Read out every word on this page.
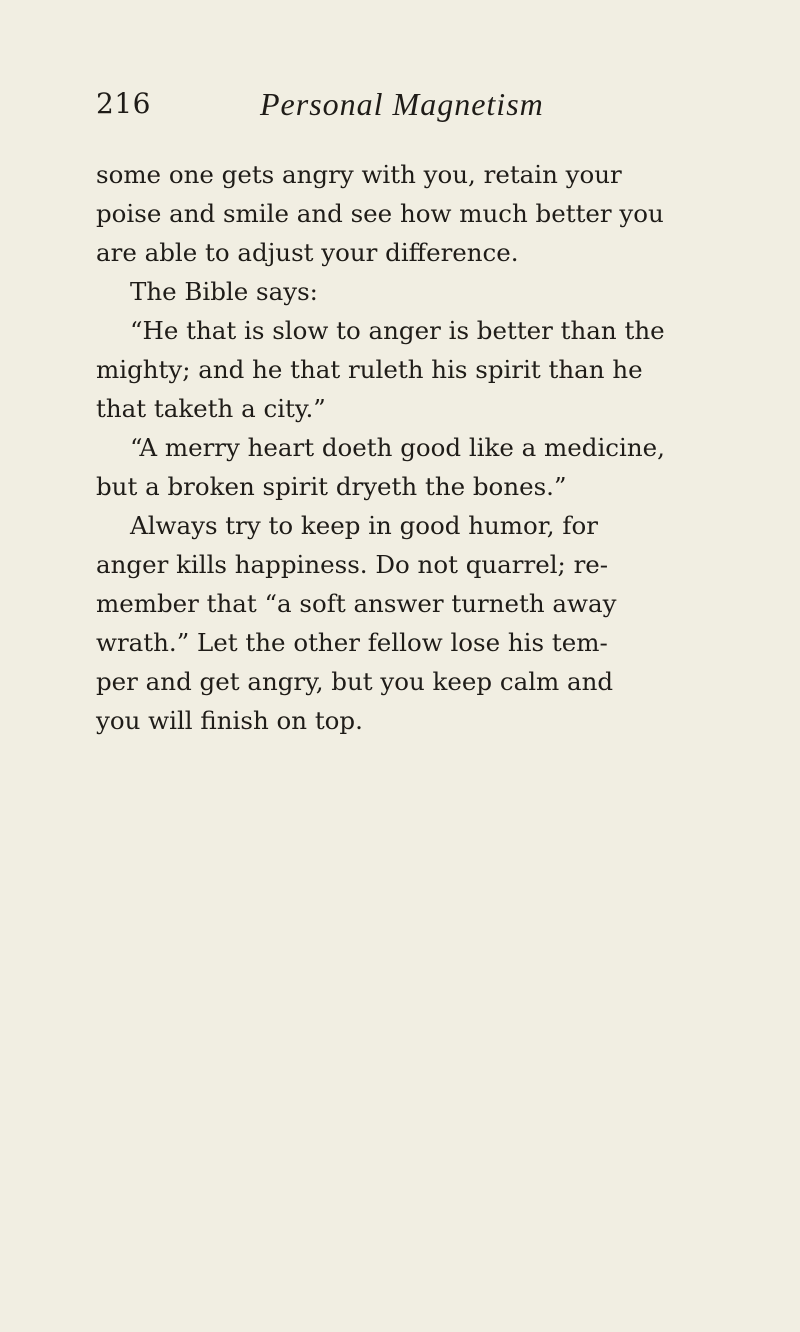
216	Personal Magnetism
some one gets angry with you, retain your
poise and smile and see how much better you
are able to adjust your difference.
The Bible says:
“He that is slow to anger is better than the
mighty; and he that ruleth his spirit than he
that taketh a city.”
“A merry heart doeth good like a medicine,
but a broken spirit dryeth the bones.”
Always try to keep in good humor, for
anger kills happiness. Do not quarrel; re-
member that “a soft answer turneth away
wrath.” Let the other fellow lose his tem-
per and get angry, but you keep calm and
you will finish on top.
